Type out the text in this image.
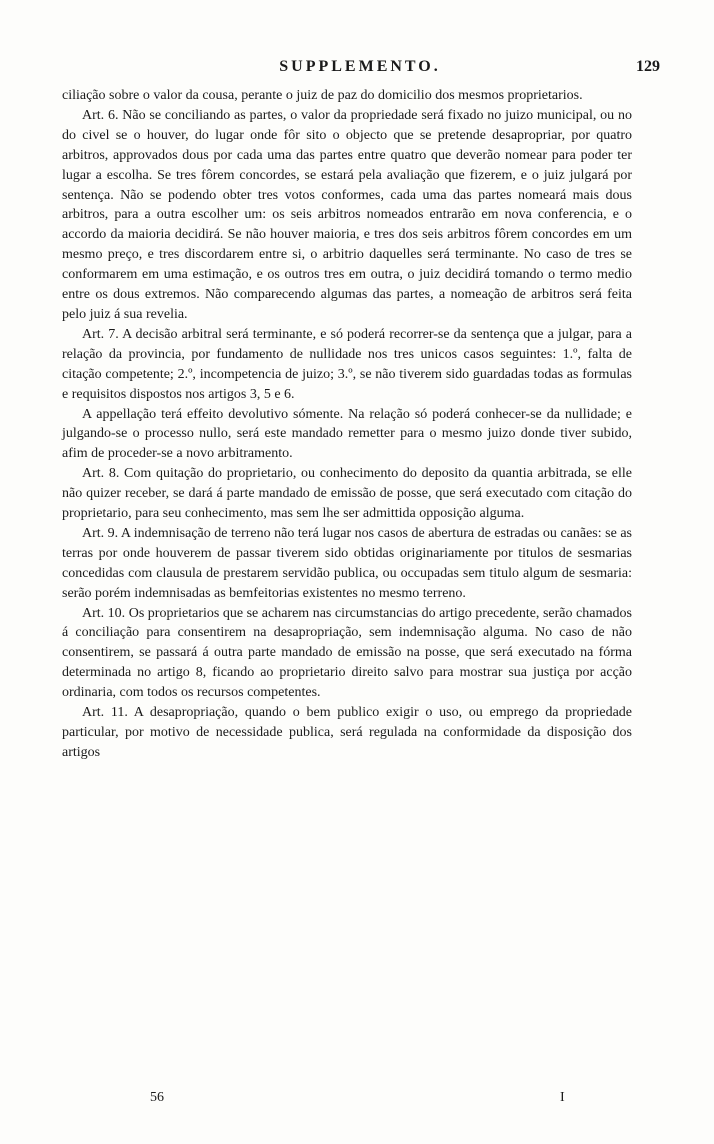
SUPPLEMENTO.	129

ciliação sobre o valor da cousa, perante o juiz de paz do domicilio dos mesmos proprietarios.

Art. 6. Não se conciliando as partes, o valor da propriedade será fixado no juizo municipal, ou no do civel se o houver, do lugar onde fôr sito o objecto que se pretende desapropriar, por quatro arbitros, approvados dous por cada uma das partes entre quatro que deverão nomear para poder ter lugar a escolha. Se tres fôrem concordes, se estará pela avaliação que fizerem, e o juiz julgará por sentença. Não se podendo obter tres votos conformes, cada uma das partes nomeará mais dous arbitros, para a outra escolher um: os seis arbitros nomeados entrarão em nova conferencia, e o accordo da maioria decidirá. Se não houver maioria, e tres dos seis arbitros fôrem concordes em um mesmo preço, e tres discordarem entre si, o arbitrio daquelles será terminante. No caso de tres se conformarem em uma estimação, e os outros tres em outra, o juiz decidirá tomando o termo medio entre os dous extremos. Não comparecendo algumas das partes, a nomeação de arbitros será feita pelo juiz á sua revelia.

Art. 7. A decisão arbitral será terminante, e só poderá recorrer-se da sentença que a julgar, para a relação da provincia, por fundamento de nullidade nos tres unicos casos seguintes: 1.º, falta de citação competente; 2.º, incompetencia de juizo; 3.º, se não tiverem sido guardadas todas as formulas e requisitos dispostos nos artigos 3, 5 e 6.

A appellação terá effeito devolutivo sómente. Na relação só poderá conhecer-se da nullidade; e julgando-se o processo nullo, será este mandado remetter para o mesmo juizo donde tiver subido, afim de proceder-se a novo arbitramento.

Art. 8. Com quitação do proprietario, ou conhecimento do deposito da quantia arbitrada, se elle não quizer receber, se dará á parte mandado de emissão de posse, que será executado com citação do proprietario, para seu conhecimento, mas sem lhe ser admittida opposição alguma.

Art. 9. A indemnisação de terreno não terá lugar nos casos de abertura de estradas ou canães: se as terras por onde houverem de passar tiverem sido obtidas originariamente por titulos de sesmarias concedidas com clausula de prestarem servidão publica, ou occupadas sem titulo algum de sesmaria: serão porém indemnisadas as bemfeitorias existentes no mesmo terreno.

Art. 10. Os proprietarios que se acharem nas circumstancias do artigo precedente, serão chamados á conciliação para consentirem na desapropriação, sem indemnisação alguma. No caso de não consentirem, se passará á outra parte mandado de emissão na posse, que será executado na fórma determinada no artigo 8, ficando ao proprietario direito salvo para mostrar sua justiça por acção ordinaria, com todos os recursos competentes.

Art. 11. A desapropriação, quando o bem publico exigir o uso, ou emprego da propriedade particular, por motivo de necessidade publica, será regulada na conformidade da disposição dos artigos

56	I
